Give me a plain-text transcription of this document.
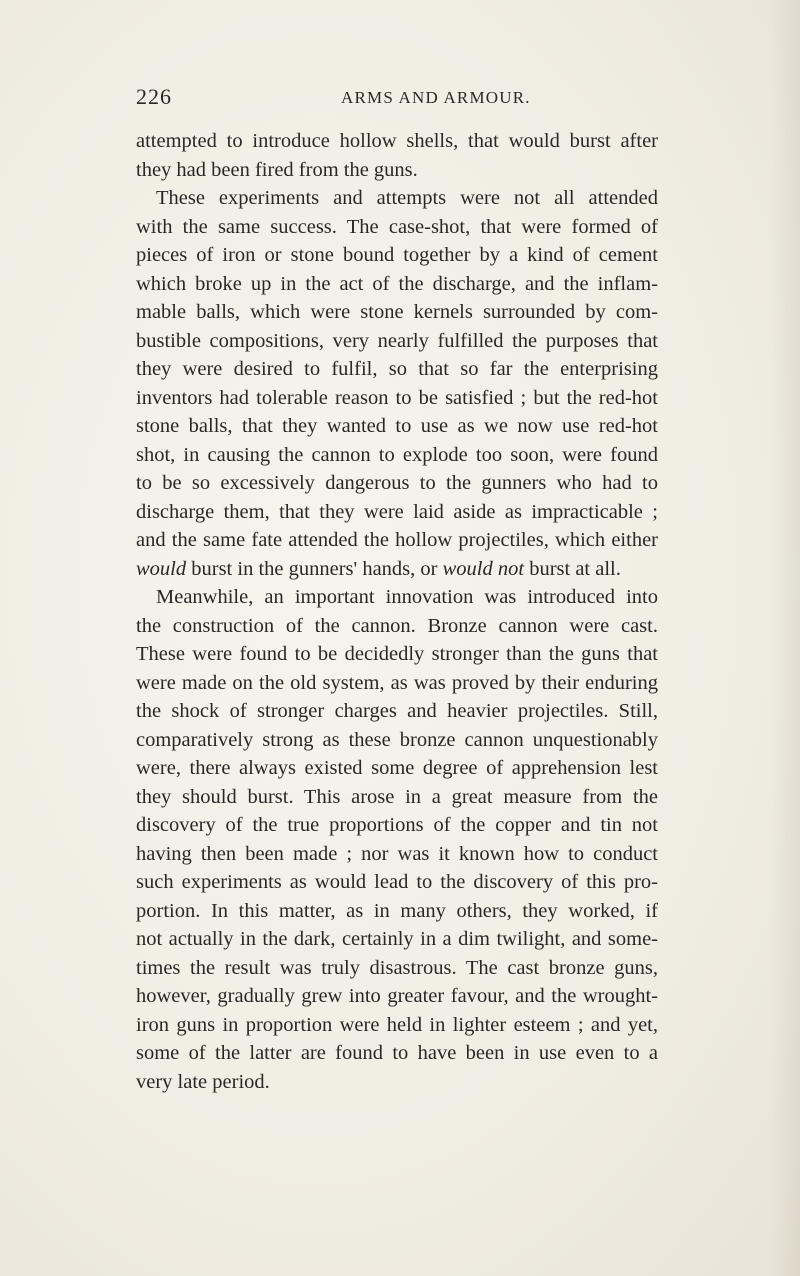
226	ARMS AND ARMOUR.
attempted to introduce hollow shells, that would burst after
they had been fired from the guns.
These experiments and attempts were not all attended
with the same success. The case-shot, that were formed of
pieces of iron or stone bound together by a kind of cement
which broke up in the act of the discharge, and the inflam-
mable balls, which were stone kernels surrounded by com-
bustible compositions, very nearly fulfilled the purposes that
they were desired to fulfil, so that so far the enterprising
inventors had tolerable reason to be satisfied ; but the red-hot
stone balls, that they wanted to use as we now use red-hot
shot, in causing the cannon to explode too soon, were found
to be so excessively dangerous to the gunners who had to
discharge them, that they were laid aside as impracticable ;
and the same fate attended the hollow projectiles, which either
would burst in the gunners' hands, or would not burst at all.
Meanwhile, an important innovation was introduced into
the construction of the cannon. Bronze cannon were cast.
These were found to be decidedly stronger than the guns that
were made on the old system, as was proved by their enduring
the shock of stronger charges and heavier projectiles. Still,
comparatively strong as these bronze cannon unquestionably
were, there always existed some degree of apprehension lest
they should burst. This arose in a great measure from the
discovery of the true proportions of the copper and tin not
having then been made ; nor was it known how to conduct
such experiments as would lead to the discovery of this pro-
portion. In this matter, as in many others, they worked, if
not actually in the dark, certainly in a dim twilight, and some-
times the result was truly disastrous. The cast bronze guns,
however, gradually grew into greater favour, and the wrought-
iron guns in proportion were held in lighter esteem ; and yet,
some of the latter are found to have been in use even to a
very late period.
